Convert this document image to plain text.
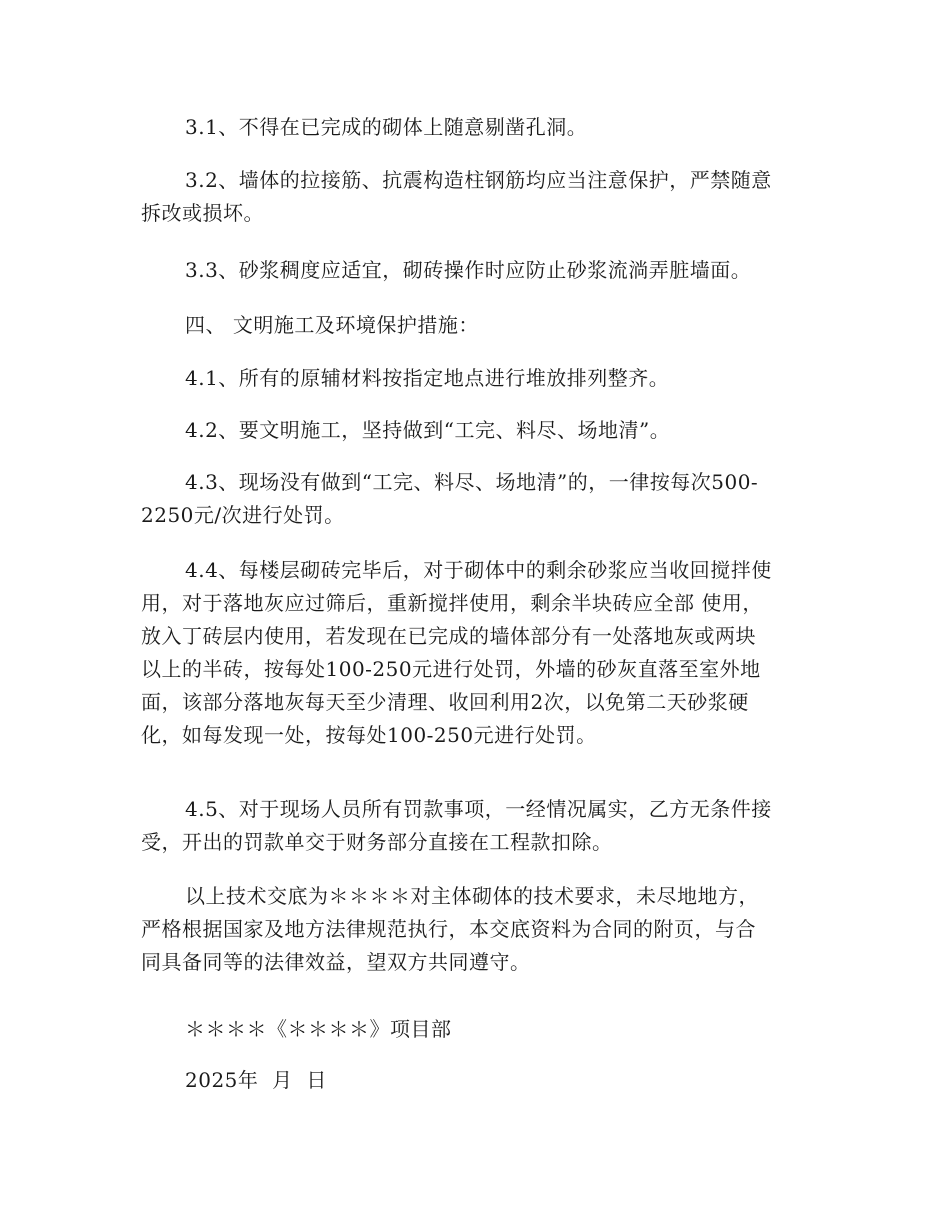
3.1、不得在已完成的砌体上随意剔凿孔洞。
3.2、墙体的拉接筋、抗震构造柱钢筋均应当注意保护，严禁随意
拆改或损坏。
3.3、砂浆稠度应适宜，砌砖操作时应防止砂浆流淌弄脏墙面。
四、 文明施工及环境保护措施：
4.1、所有的原辅材料按指定地点进行堆放排列整齐。
4.2、要文明施工，坚持做到“工完、料尽、场地清”。
4.3、现场没有做到“工完、料尽、场地清”的，一律按每次500-
2250元/次进行处罚。
4.4、每楼层砌砖完毕后，对于砌体中的剩余砂浆应当收回搅拌使
用，对于落地灰应过筛后，重新搅拌使用，剩余半块砖应全部 使用，
放入丁砖层内使用，若发现在已完成的墙体部分有一处落地灰或两块
以上的半砖，按每处100-250元进行处罚，外墙的砂灰直落至室外地
面，该部分落地灰每天至少清理、收回利用2次，以免第二天砂浆硬
化，如每发现一处，按每处100-250元进行处罚。
4.5、对于现场人员所有罚款事项，一经情况属实，乙方无条件接
受，开出的罚款单交于财务部分直接在工程款扣除。
以上技术交底为＊＊＊＊对主体砌体的技术要求，未尽地地方，
严格根据国家及地方法律规范执行，本交底资料为合同的附页，与合
同具备同等的法律效益，望双方共同遵守。
＊＊＊＊《＊＊＊＊》项目部
2025年  月  日
